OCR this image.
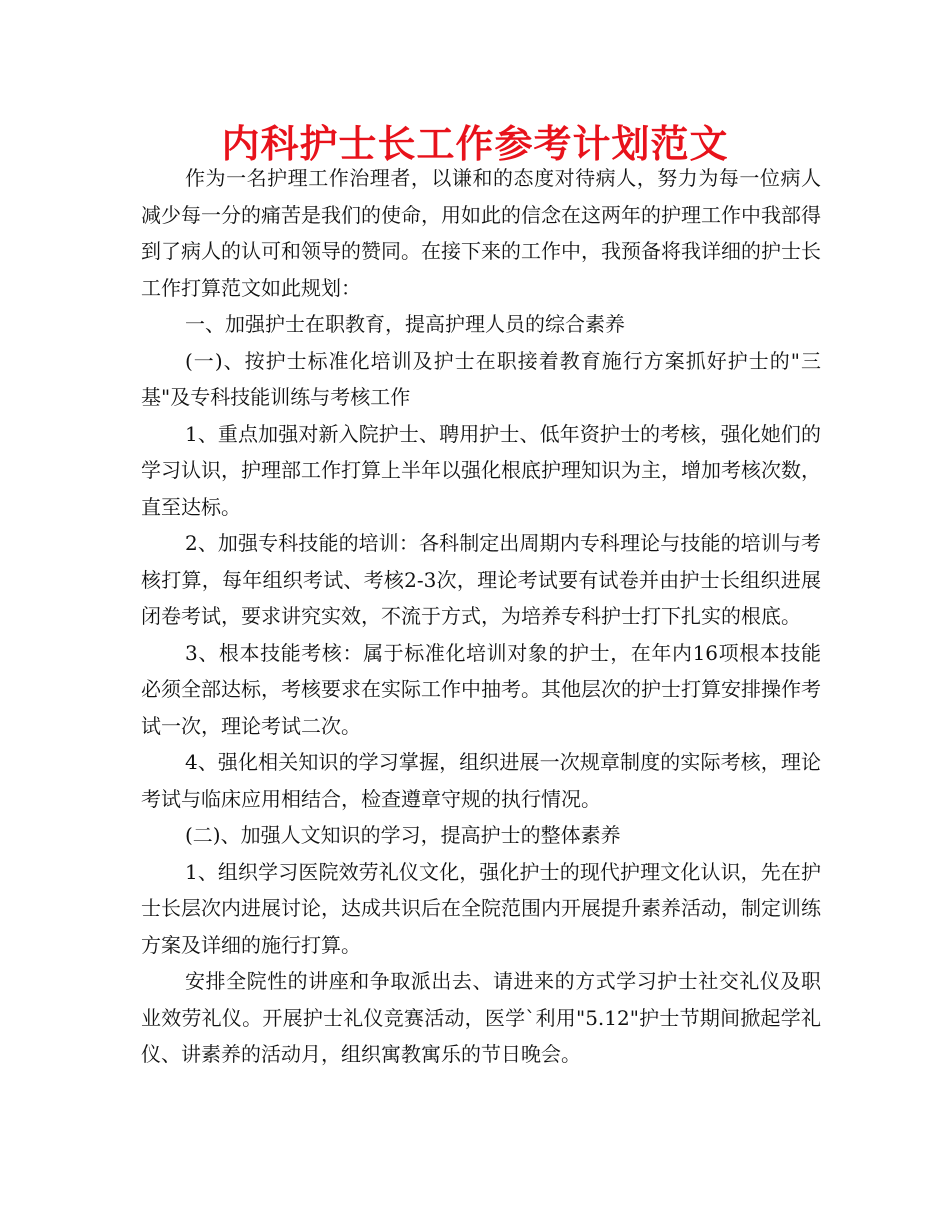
内科护士长工作参考计划范文

作为一名护理工作治理者，以谦和的态度对待病人，努力为每一位病人减少每一分的痛苦是我们的使命，用如此的信念在这两年的护理工作中我部得到了病人的认可和领导的赞同。在接下来的工作中，我预备将我详细的护士长工作打算范文如此规划：

一、加强护士在职教育，提高护理人员的综合素养

(一)、按护士标准化培训及护士在职接着教育施行方案抓好护士的"三基"及专科技能训练与考核工作

1、重点加强对新入院护士、聘用护士、低年资护士的考核，强化她们的学习认识，护理部工作打算上半年以强化根底护理知识为主，增加考核次数，直至达标。

2、加强专科技能的培训：各科制定出周期内专科理论与技能的培训与考核打算，每年组织考试、考核2-3次，理论考试要有试卷并由护士长组织进展闭卷考试，要求讲究实效，不流于方式，为培养专科护士打下扎实的根底。

3、根本技能考核：属于标准化培训对象的护士，在年内16项根本技能必须全部达标，考核要求在实际工作中抽考。其他层次的护士打算安排操作考试一次，理论考试二次。

4、强化相关知识的学习掌握，组织进展一次规章制度的实际考核，理论考试与临床应用相结合，检查遵章守规的执行情况。

(二)、加强人文知识的学习，提高护士的整体素养

1、组织学习医院效劳礼仪文化，强化护士的现代护理文化认识，先在护士长层次内进展讨论，达成共识后在全院范围内开展提升素养活动，制定训练方案及详细的施行打算。

安排全院性的讲座和争取派出去、请进来的方式学习护士社交礼仪及职业效劳礼仪。开展护士礼仪竞赛活动，医学`利用"5.12"护士节期间掀起学礼仪、讲素养的活动月，组织寓教寓乐的节日晚会。
